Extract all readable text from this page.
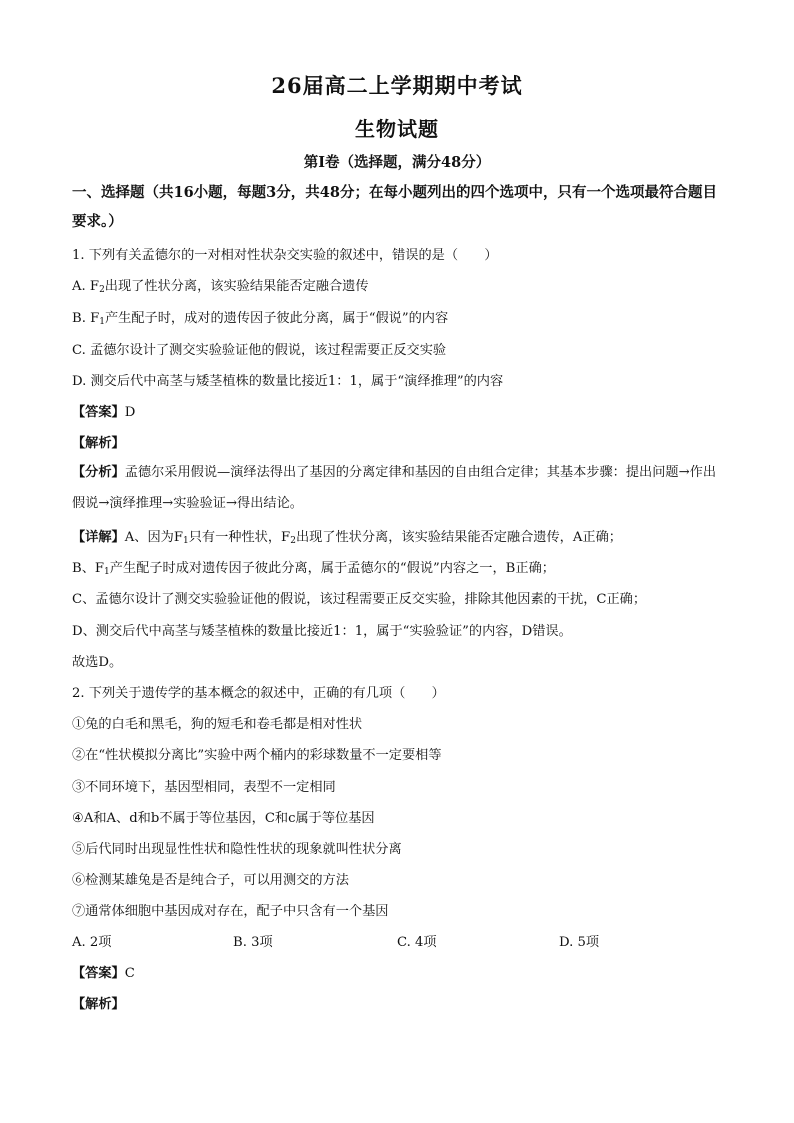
26届高二上学期期中考试
生物试题
第Ⅰ卷（选择题，满分48分）
一、选择题（共16小题，每题3分，共48分；在每小题列出的四个选项中，只有一个选项最符合题目要求。）
1. 下列有关孟德尔的一对相对性状杂交实验的叙述中，错误的是（　　）
A. $F_2$出现了性状分离，该实验结果能否定融合遗传
B. $F_1$产生配子时，成对的遗传因子彼此分离，属于“假说”的内容
C. 孟德尔设计了测交实验验证他的假说，该过程需要正反交实验
D. 测交后代中高茎与矮茎植株的数量比接近1：1，属于“演绎推理”的内容
【答案】D
【解析】
【分析】孟德尔采用假说—演绎法得出了基因的分离定律和基因的自由组合定律；其基本步骤：提出问题→作出假说→演绎推理→实验验证→得出结论。
【详解】A、因为$F_1$只有一种性状，$F_2$出现了性状分离，该实验结果能否定融合遗传，A正确；
B、$F_1$产生配子时成对遗传因子彼此分离，属于孟德尔的“假说”内容之一，B正确；
C、孟德尔设计了测交实验验证他的假说，该过程需要正反交实验，排除其他因素的干扰，C正确；
D、测交后代中高茎与矮茎植株的数量比接近1：1，属于“实验验证”的内容，D错误。
故选D。
2. 下列关于遗传学的基本概念的叙述中，正确的有几项（　　）
①兔的白毛和黑毛，狗的短毛和卷毛都是相对性状
②在“性状模拟分离比”实验中两个桶内的彩球数量不一定要相等
③不同环境下，基因型相同，表型不一定相同
④A和A、d和b不属于等位基因，C和c属于等位基因
⑤后代同时出现显性性状和隐性性状的现象就叫性状分离
⑥检测某雄兔是否是纯合子，可以用测交的方法
⑦通常体细胞中基因成对存在，配子中只含有一个基因
A. 2项	B. 3项	C. 4项	D. 5项
【答案】C
【解析】
